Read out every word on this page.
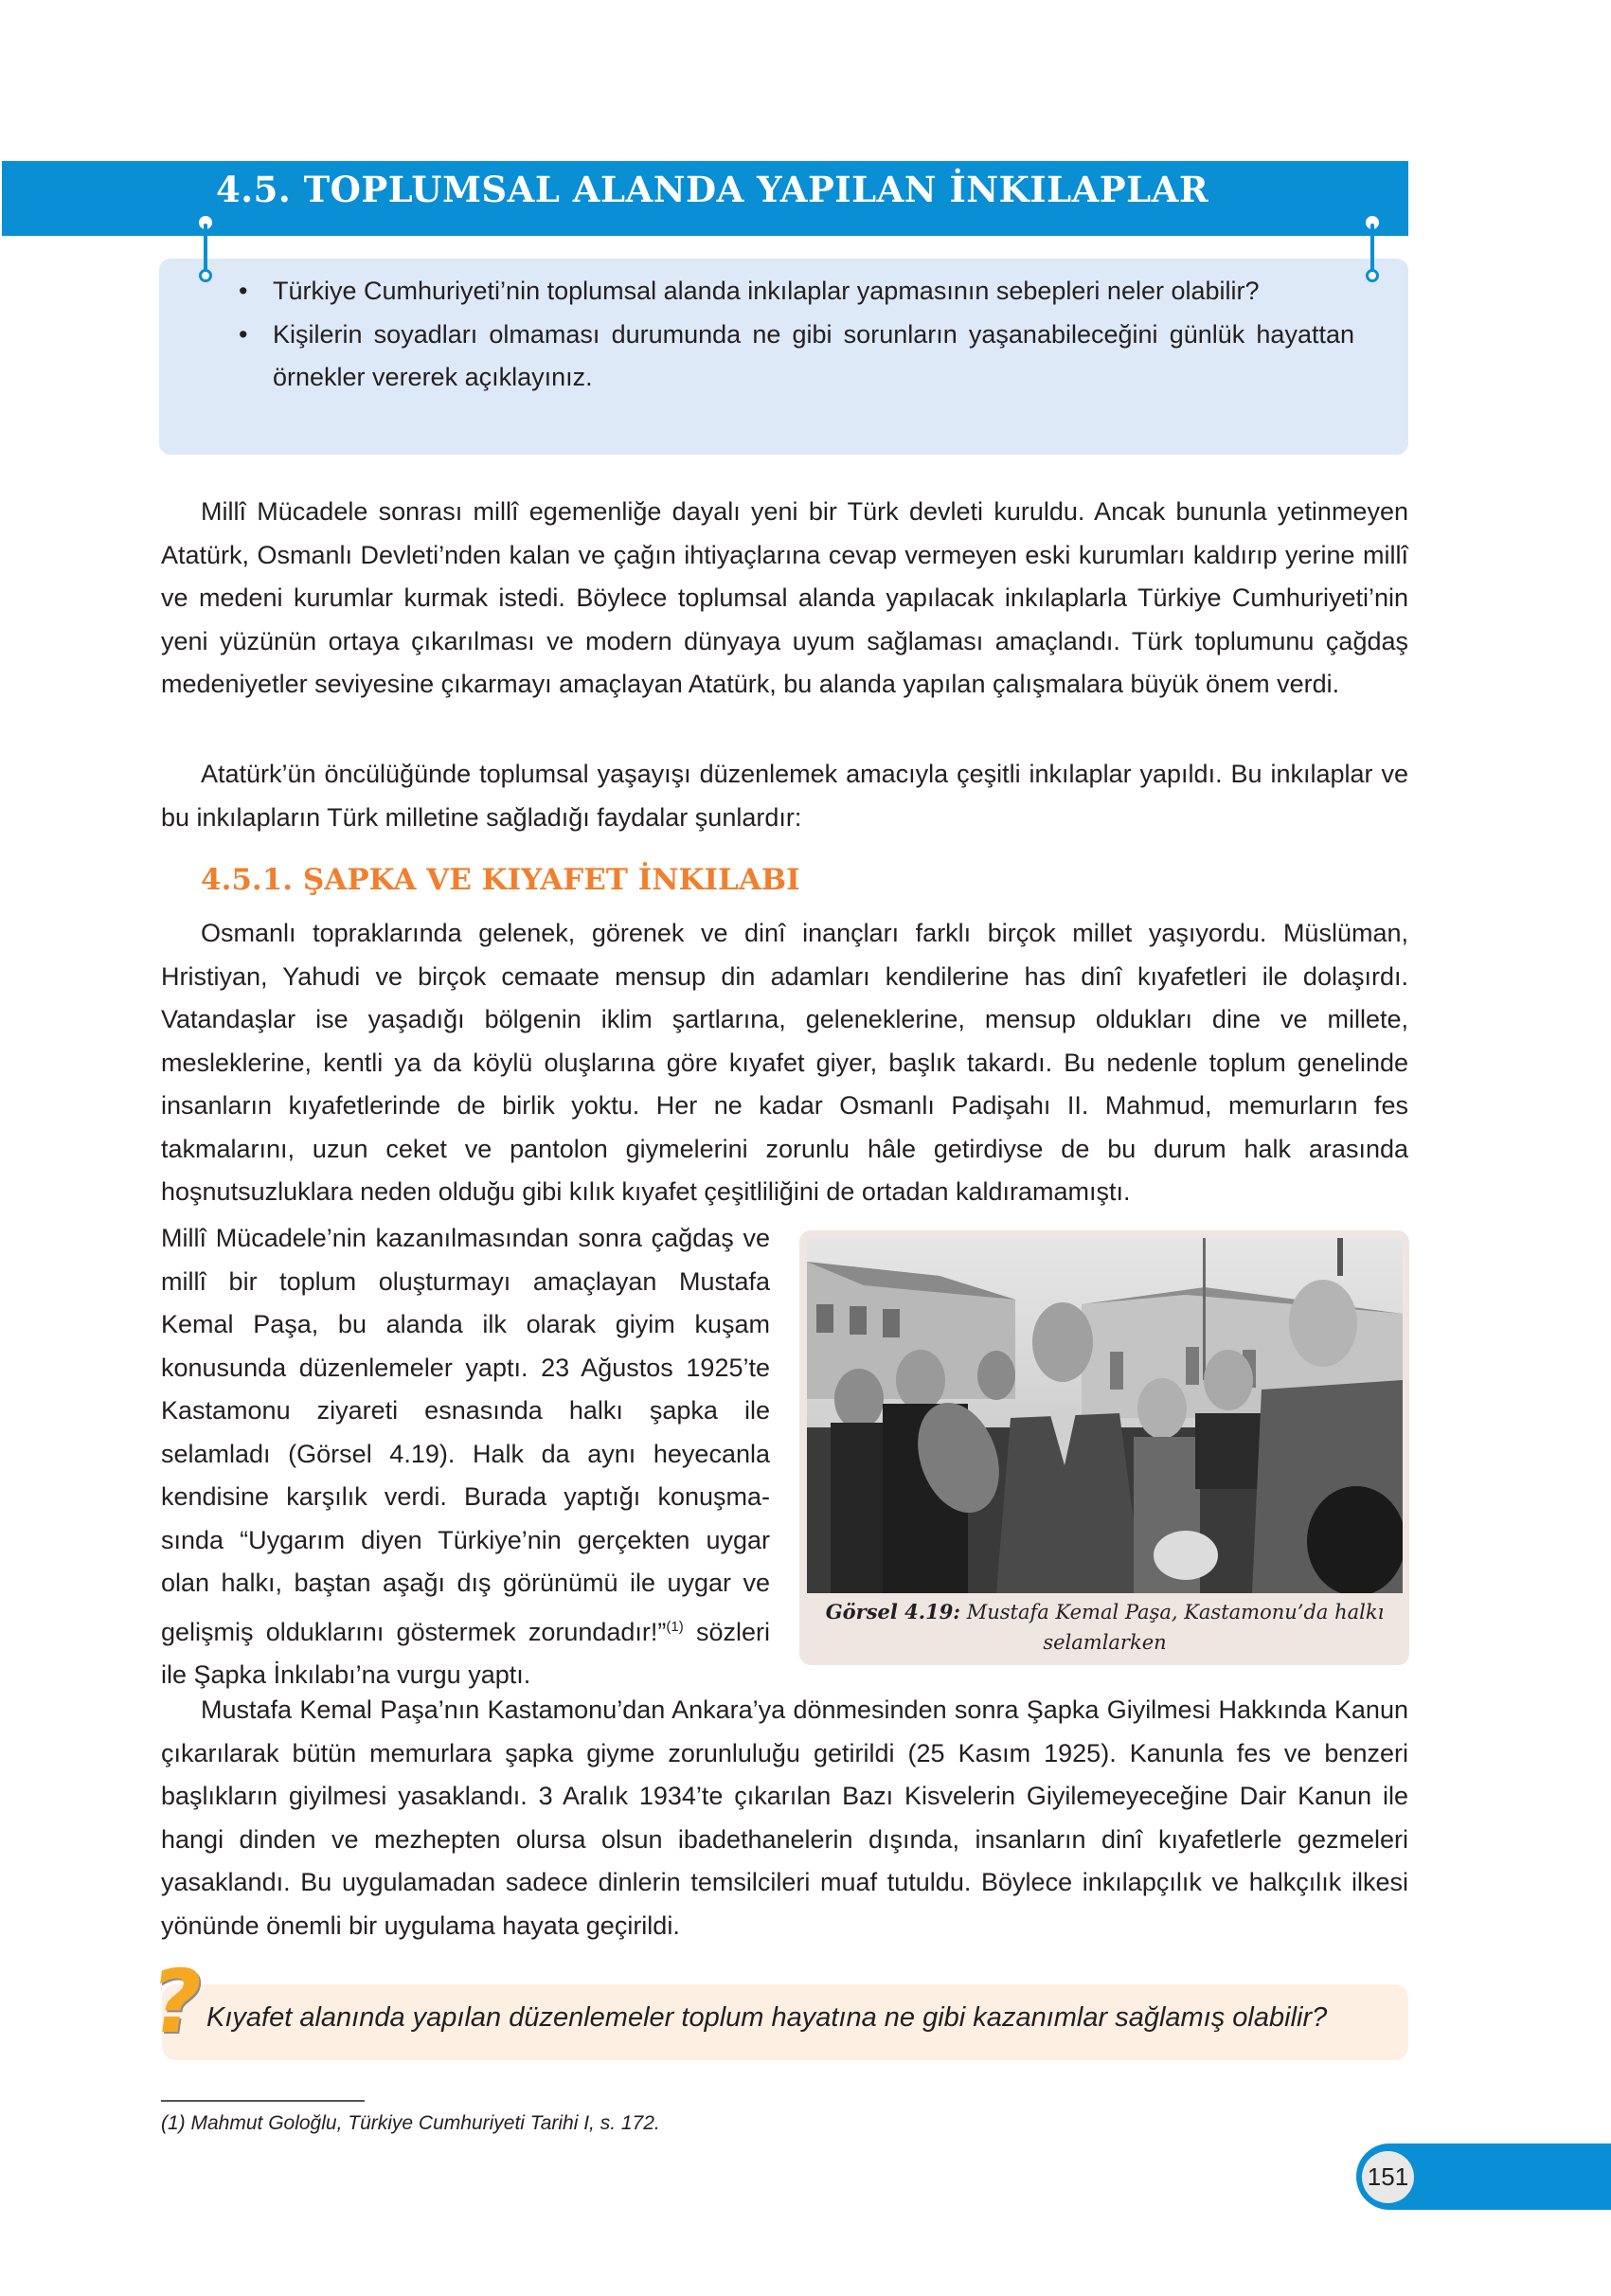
4.5. TOPLUMSAL ALANDA YAPILAN İNKILAPLAR
• Türkiye Cumhuriyeti’nin toplumsal alanda inkılaplar yapmasının sebepleri neler olabilir?
• Kişilerin soyadları olmaması durumunda ne gibi sorunların yaşanabileceğini günlük hayattan örnekler vererek açıklayınız.

Millî Mücadele sonrası millî egemenliğe dayalı yeni bir Türk devleti kuruldu. Ancak bununla yetinmeyen Atatürk, Osmanlı Devleti’nden kalan ve çağın ihtiyaçlarına cevap vermeyen eski kurumları kaldırıp yerine millî ve medeni kurumlar kurmak istedi. Böylece toplumsal alanda yapılacak inkılaplarla Türkiye Cumhuriyeti’nin yeni yüzünün ortaya çıkarılması ve modern dünyaya uyum sağlaması amaçlandı. Türk toplumunu çağdaş medeniyetler seviyesine çıkarmayı amaçlayan Atatürk, bu alanda yapılan çalışmalara büyük önem verdi.

Atatürk’ün öncülüğünde toplumsal yaşayışı düzenlemek amacıyla çeşitli inkılaplar yapıldı. Bu inkılaplar ve bu inkılapların Türk milletine sağladığı faydalar şunlardır:

4.5.1. ŞAPKA VE KIYAFET İNKILABI

Osmanlı topraklarında gelenek, görenek ve dinî inançları farklı birçok millet yaşıyordu. Müslüman, Hristiyan, Yahudi ve birçok cemaate mensup din adamları kendilerine has dinî kıyafetleri ile dolaşırdı. Vatandaşlar ise yaşadığı bölgenin iklim şartlarına, geleneklerine, mensup oldukları dine ve millete, mesleklerine, kentli ya da köylü oluşlarına göre kıyafet giyer, başlık takardı. Bu nedenle toplum genelinde insanların kıyafetlerinde de birlik yoktu. Her ne kadar Osmanlı Padişahı II. Mahmud, memurların fes takmalarını, uzun ceket ve pantolon giymelerini zorunlu hâle getirdiyse de bu durum halk arasında hoşnutsuzluklara neden olduğu gibi kılık kıyafet çeşitliliğini de ortadan kaldıramamıştı.

Millî Mücadele’nin kazanılmasından sonra çağdaş ve millî bir toplum oluşturmayı amaçlayan Mustafa Kemal Paşa, bu alanda ilk olarak giyim kuşam konusunda düzenlemeler yaptı. 23 Ağustos 1925’te Kastamonu ziyareti esnasında halkı şapka ile selamladı (Görsel 4.19). Halk da aynı heyecanla kendisine karşılık verdi. Burada yaptığı konuşmasında “Uygarım diyen Türkiye’nin gerçekten uygar olan halkı, baştan aşağı dış görünümü ile uygar ve gelişmiş olduklarını göstermek zorundadır!”$^{(1)}$ sözleri ile Şapka İnkılabı’na vurgu yaptı.

Görsel 4.19: Mustafa Kemal Paşa, Kastamonu’da halkı selamlarken

Mustafa Kemal Paşa’nın Kastamonu’dan Ankara’ya dönmesinden sonra Şapka Giyilmesi Hakkında Kanun çıkarılarak bütün memurlara şapka giyme zorunluluğu getirildi (25 Kasım 1925). Kanunla fes ve benzeri başlıkların giyilmesi yasaklandı. 3 Aralık 1934’te çıkarılan Bazı Kisvelerin Giyilemeyeceğine Dair Kanun ile hangi dinden ve mezhepten olursa olsun ibadethanelerin dışında, insanların dinî kıyafetlerle gezmeleri yasaklandı. Bu uygulamadan sadece dinlerin temsilcileri muaf tutuldu. Böylece inkılapçılık ve halkçılık ilkesi yönünde önemli bir uygulama hayata geçirildi.

?
Kıyafet alanında yapılan düzenlemeler toplum hayatına ne gibi kazanımlar sağlamış olabilir?
(1) Mahmut Goloğlu, Türkiye Cumhuriyeti Tarihi I, s. 172.
151
